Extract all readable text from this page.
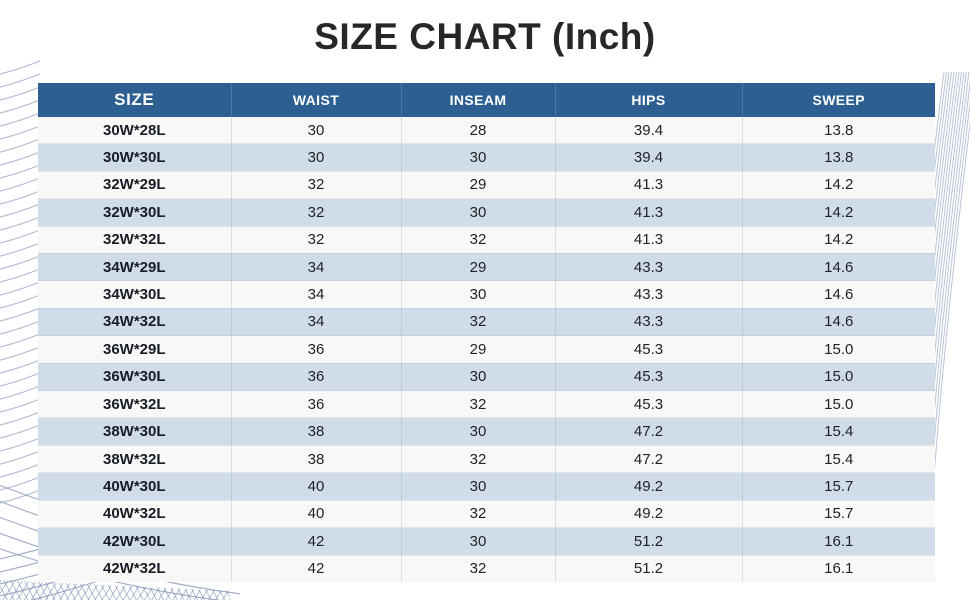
SIZE CHART (Inch)
SIZE	WAIST	INSEAM	HIPS	SWEEP
30W*28L	30	28	39.4	13.8
30W*30L	30	30	39.4	13.8
32W*29L	32	29	41.3	14.2
32W*30L	32	30	41.3	14.2
32W*32L	32	32	41.3	14.2
34W*29L	34	29	43.3	14.6
34W*30L	34	30	43.3	14.6
34W*32L	34	32	43.3	14.6
36W*29L	36	29	45.3	15.0
36W*30L	36	30	45.3	15.0
36W*32L	36	32	45.3	15.0
38W*30L	38	30	47.2	15.4
38W*32L	38	32	47.2	15.4
40W*30L	40	30	49.2	15.7
40W*32L	40	32	49.2	15.7
42W*30L	42	30	51.2	16.1
42W*32L	42	32	51.2	16.1
